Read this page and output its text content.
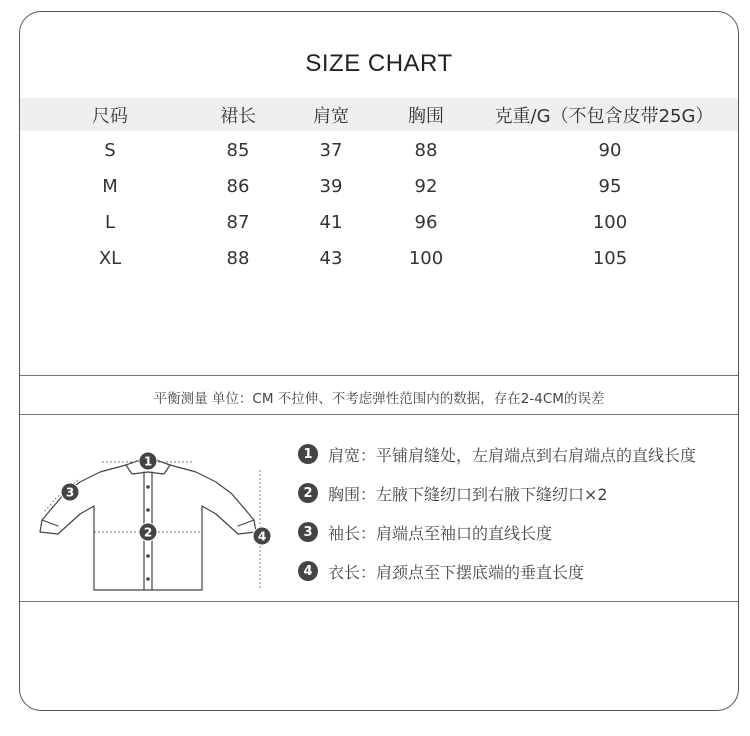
SIZE CHART
尺码	裙长	肩宽	胸围	克重/G（不包含皮带25G）
S	85	37	88	90
M	86	39	92	95
L	87	41	96	100
XL	88	43	100	105
平衡测量 单位：CM 不拉伸、不考虑弹性范围内的数据，存在2-4CM的误差
1
2
3
4
1 肩宽：平铺肩缝处，左肩端点到右肩端点的直线长度
2 胸围：左腋下缝纫口到右腋下缝纫口×2
3 袖长：肩端点至袖口的直线长度
4 衣长：肩颈点至下摆底端的垂直长度
